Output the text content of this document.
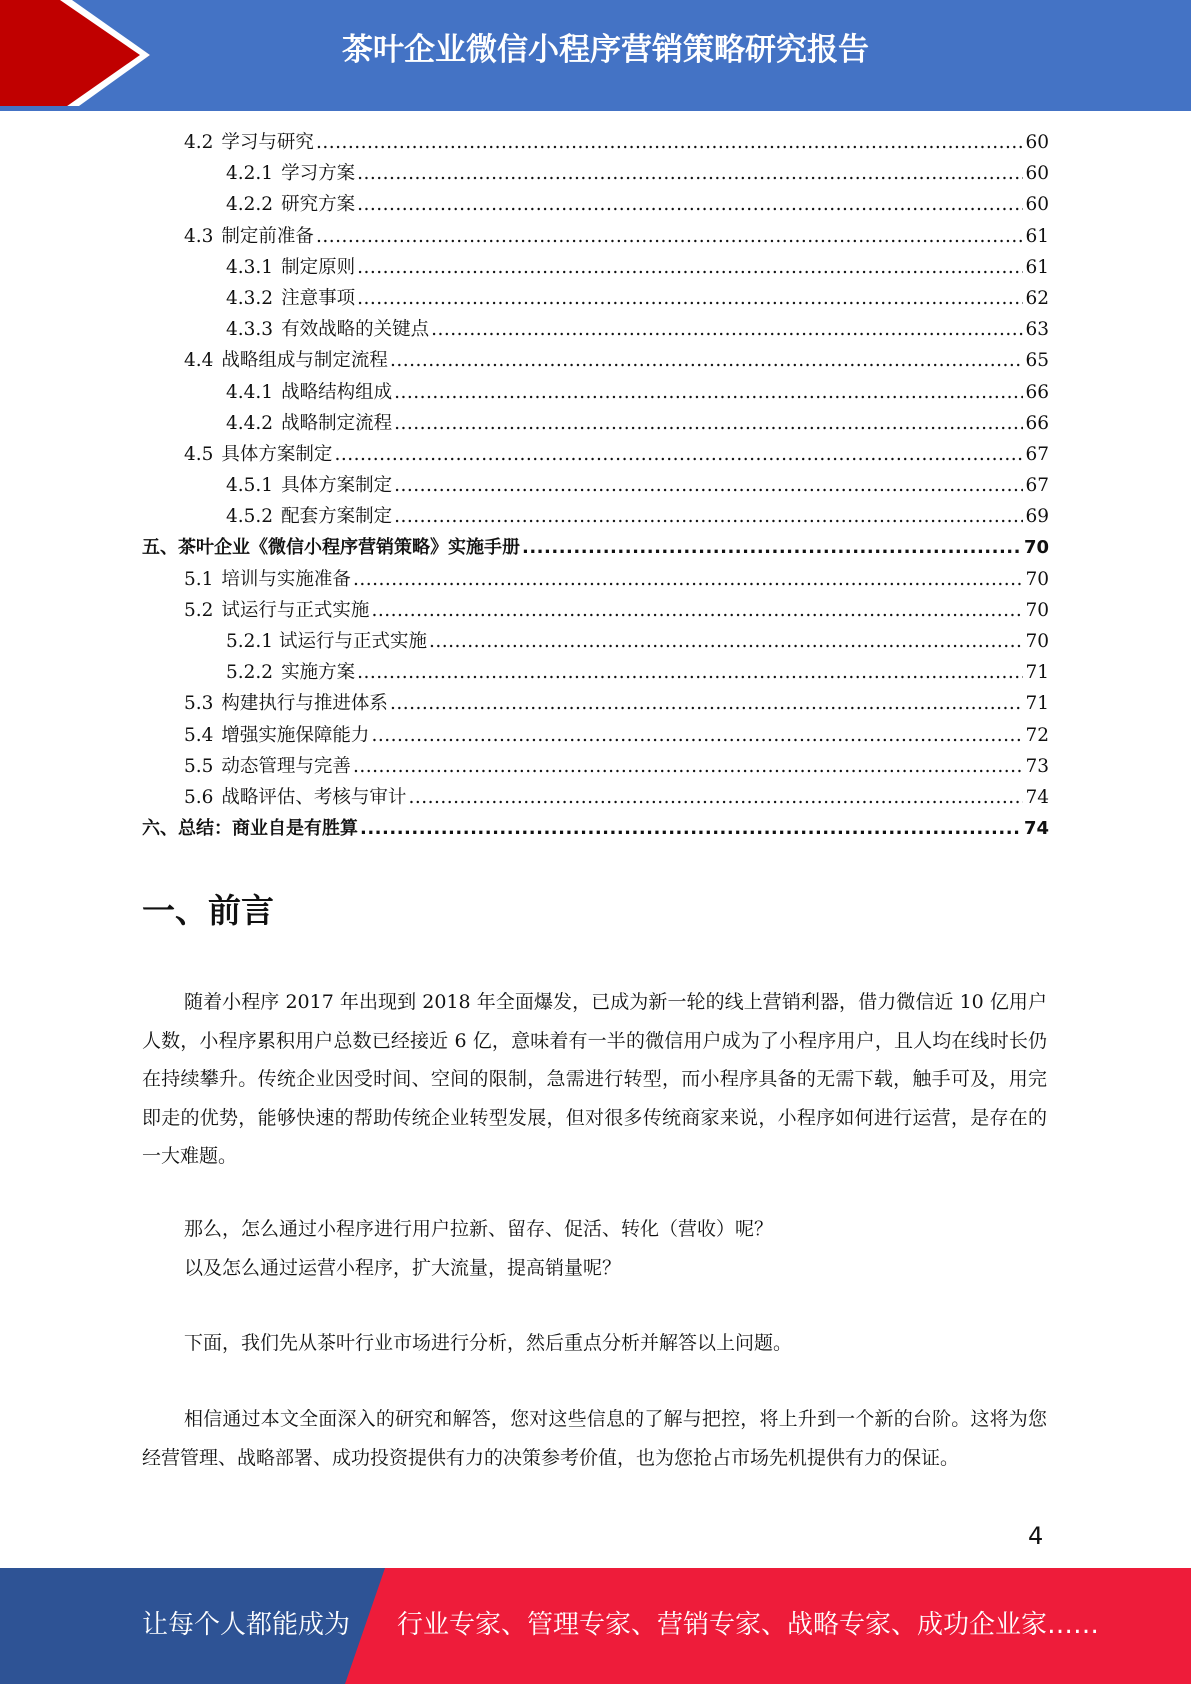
茶叶企业微信小程序营销策略研究报告
4.2 学习与研究 .....	60
4.2.1 学习方案 .....	60
4.2.2 研究方案 .....	60
4.3 制定前准备 .....	61
4.3.1 制定原则 .....	61
4.3.2 注意事项 .....	62
4.3.3 有效战略的关键点 .....	63
4.4 战略组成与制定流程 .....	65
4.4.1 战略结构组成 .....	66
4.4.2 战略制定流程 .....	66
4.5 具体方案制定 .....	67
4.5.1 具体方案制定 .....	67
4.5.2 配套方案制定 .....	69
五、茶叶企业《微信小程序营销策略》实施手册 .....	70
5.1 培训与实施准备 .....	70
5.2 试运行与正式实施 .....	70
5.2.1 试运行与正式实施 .....	70
5.2.2 实施方案 .....	71
5.3 构建执行与推进体系 .....	71
5.4 增强实施保障能力 .....	72
5.5 动态管理与完善 .....	73
5.6 战略评估、考核与审计 .....	74
六、总结：商业自是有胜算 .....	74
一、前言

随着小程序 2017 年出现到 2018 年全面爆发，已成为新一轮的线上营销利器，借力微信近 10 亿用户人数，小程序累积用户总数已经接近 6 亿，意味着有一半的微信用户成为了小程序用户，且人均在线时长仍在持续攀升。传统企业因受时间、空间的限制，急需进行转型，而小程序具备的无需下载，触手可及，用完即走的优势，能够快速的帮助传统企业转型发展，但对很多传统商家来说，小程序如何进行运营，是存在的一大难题。

那么，怎么通过小程序进行用户拉新、留存、促活、转化（营收）呢？

以及怎么通过运营小程序，扩大流量，提高销量呢？

下面，我们先从茶叶行业市场进行分析，然后重点分析并解答以上问题。

相信通过本文全面深入的研究和解答，您对这些信息的了解与把控，将上升到一个新的台阶。这将为您经营管理、战略部署、成功投资提供有力的决策参考价值，也为您抢占市场先机提供有力的保证。

4
让每个人都能成为 行业专家、管理专家、营销专家、战略专家、成功企业家……
